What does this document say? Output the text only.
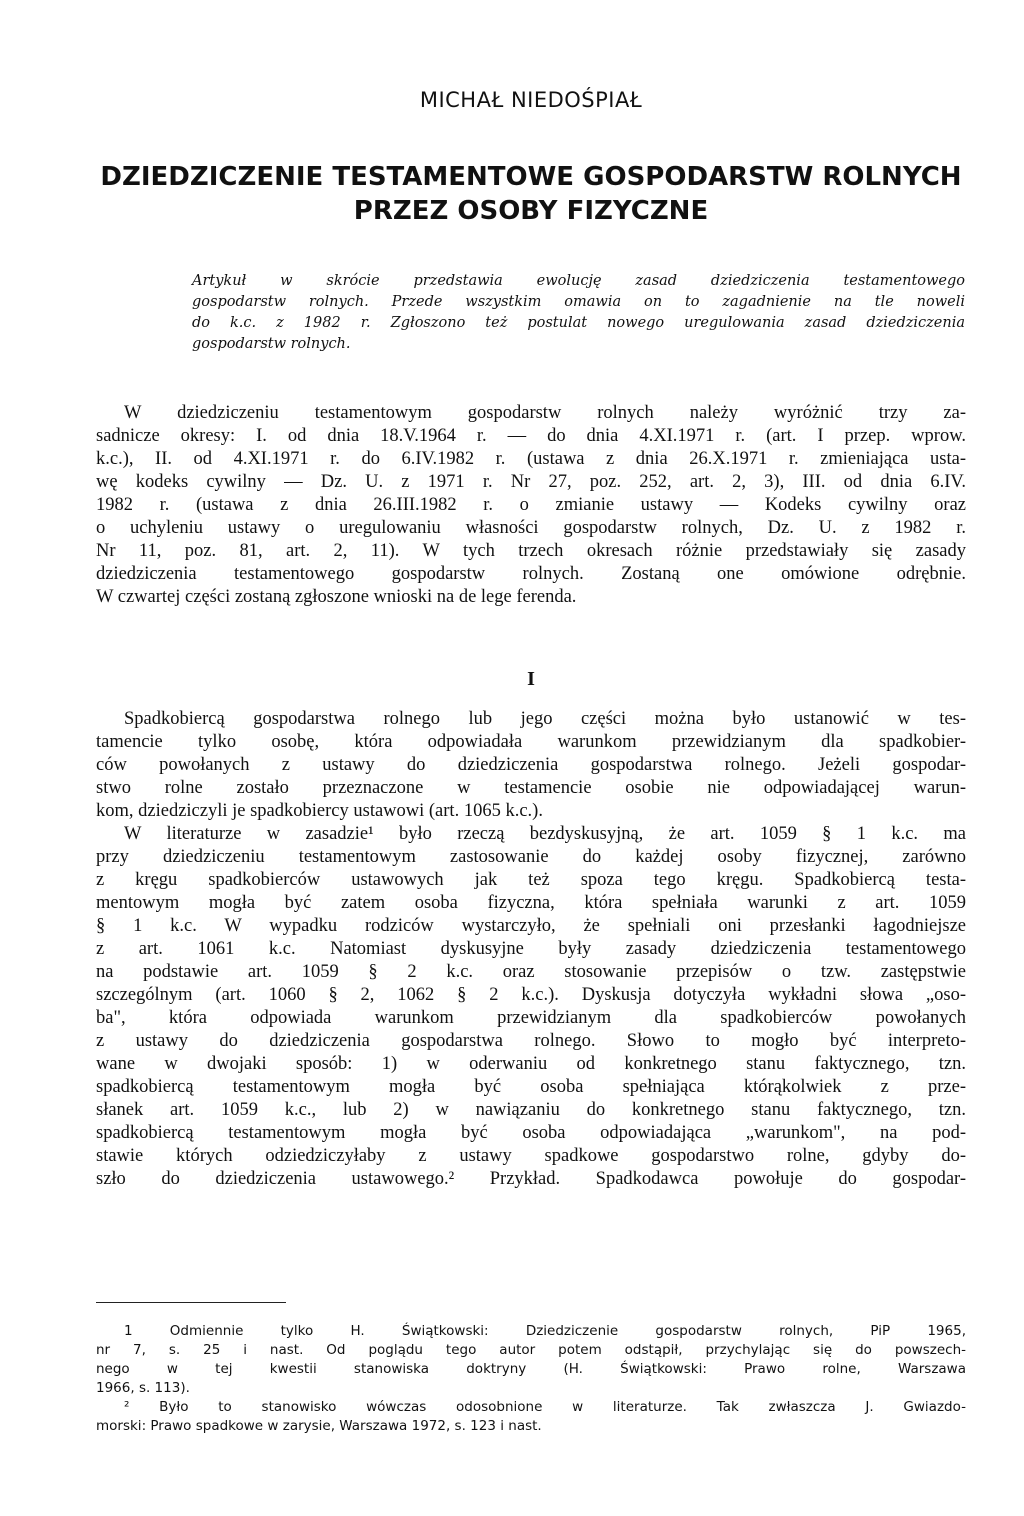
MICHAŁ NIEDOŚPIAŁ
DZIEDZICZENIE TESTAMENTOWE GOSPODARSTW ROLNYCH
PRZEZ OSOBY FIZYCZNE
Artykuł w skrócie przedstawia ewolucję zasad dziedziczenia testamentowego
gospodarstw rolnych. Przede wszystkim omawia on to zagadnienie na tle noweli
do k.c. z 1982 r. Zgłoszono też postulat nowego uregulowania zasad dziedziczenia
gospodarstw rolnych.
W dziedziczeniu testamentowym gospodarstw rolnych należy wyróżnić trzy za-
sadnicze okresy: I. od dnia 18.V.1964 r. — do dnia 4.XI.1971 r. (art. I przep. wprow.
k.c.), II. od 4.XI.1971 r. do 6.IV.1982 r. (ustawa z dnia 26.X.1971 r. zmieniająca usta-
wę kodeks cywilny — Dz. U. z 1971 r. Nr 27, poz. 252, art. 2, 3), III. od dnia 6.IV.
1982 r. (ustawa z dnia 26.III.1982 r. o zmianie ustawy — Kodeks cywilny oraz
o uchyleniu ustawy o uregulowaniu własności gospodarstw rolnych, Dz. U. z 1982 r.
Nr 11, poz. 81, art. 2, 11). W tych trzech okresach różnie przedstawiały się zasady
dziedziczenia testamentowego gospodarstw rolnych. Zostaną one omówione odrębnie.
W czwartej części zostaną zgłoszone wnioski na de lege ferenda.
I
Spadkobiercą gospodarstwa rolnego lub jego części można było ustanowić w tes-
tamencie tylko osobę, która odpowiadała warunkom przewidzianym dla spadkobier-
ców powołanych z ustawy do dziedziczenia gospodarstwa rolnego. Jeżeli gospodar-
stwo rolne zostało przeznaczone w testamencie osobie nie odpowiadającej warun-
kom, dziedziczyli je spadkobiercy ustawowi (art. 1065 k.c.).
W literaturze w zasadzie¹ było rzeczą bezdyskusyjną, że art. 1059 § 1 k.c. ma
przy dziedziczeniu testamentowym zastosowanie do każdej osoby fizycznej, zarówno
z kręgu spadkobierców ustawowych jak też spoza tego kręgu. Spadkobiercą testa-
mentowym mogła być zatem osoba fizyczna, która spełniała warunki z art. 1059
§ 1 k.c. W wypadku rodziców wystarczyło, że spełniali oni przesłanki łagodniejsze
z art. 1061 k.c. Natomiast dyskusyjne były zasady dziedziczenia testamentowego
na podstawie art. 1059 § 2 k.c. oraz stosowanie przepisów o tzw. zastępstwie
szczególnym (art. 1060 § 2, 1062 § 2 k.c.). Dyskusja dotyczyła wykładni słowa „oso-
ba", która odpowiada warunkom przewidzianym dla spadkobierców powołanych
z ustawy do dziedziczenia gospodarstwa rolnego. Słowo to mogło być interpreto-
wane w dwojaki sposób: 1) w oderwaniu od konkretnego stanu faktycznego, tzn.
spadkobiercą testamentowym mogła być osoba spełniająca którąkolwiek z prze-
słanek art. 1059 k.c., lub 2) w nawiązaniu do konkretnego stanu faktycznego, tzn.
spadkobiercą testamentowym mogła być osoba odpowiadająca „warunkom", na pod-
stawie których odziedziczyłaby z ustawy spadkowe gospodarstwo rolne, gdyby do-
szło do dziedziczenia ustawowego.² Przykład. Spadkodawca powołuje do gospodar-
1 Odmiennie tylko H. Świątkowski: Dziedziczenie gospodarstw rolnych, PiP 1965,
nr 7, s. 25 i nast. Od poglądu tego autor potem odstąpił, przychylając się do powszech-
nego w tej kwestii stanowiska doktryny (H. Świątkowski: Prawo rolne, Warszawa
1966, s. 113).
² Było to stanowisko wówczas odosobnione w literaturze. Tak zwłaszcza J. Gwiazdo-
morski: Prawo spadkowe w zarysie, Warszawa 1972, s. 123 i nast.
